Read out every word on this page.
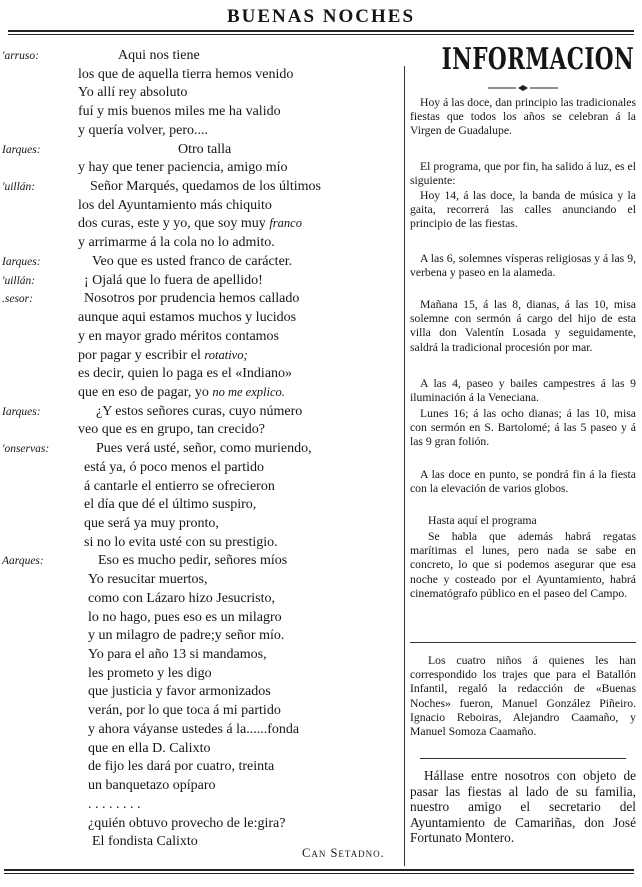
BUENAS NOCHES
'arruso:	Aqui nos tiene
los que de aquella tierra hemos venido
Yo allí rey absoluto
fuí y mis buenos miles me ha valido
y quería volver, pero....
Iarques:	Otro talla
y hay que tener paciencia, amigo mío
'uillán:	Señor Marqués, quedamos de los últimos
los del Ayuntamiento más chiquito
dos curas, este y yo, que soy muy franco
y arrimarme á la cola no lo admito.
Iarques:	Veo que es usted franco de carácter.
'uillán:	¡ Ojalá que lo fuera de apellido!
.sesor:	Nosotros por prudencia hemos callado
aunque aqui estamos muchos y lucidos
y en mayor grado méritos contamos
por pagar y escribir el rotativo;
es decir, quien lo paga es el «Indiano»
que en eso de pagar, yo no me explico.
Iarques:	¿Y estos señores curas, cuyo número
veo que es en grupo, tan crecido?
'onservas:	Pues verá usté, señor, como muriendo,
está ya, ó poco menos el partido
á cantarle el entierro se ofrecieron
el día que dé el último suspiro,
que será ya muy pronto,
si no lo evita usté con su prestigio.
Aarques:	Eso es mucho pedir, señores míos
Yo resucitar muertos,
como con Lázaro hizo Jesucristo,
lo no hago, pues eso es un milagro
y un milagro de padre;y señor mío.
Yo para el año 13 si mandamos,
les prometo y les digo
que justicia y favor armonizados
verán, por lo que toca á mi partido
y ahora váyanse ustedes á la......fonda
que en ella D. Calixto
de fijo les dará por cuatro, treinta
un banquetazo opíparo
. . . . . . . .
¿quién obtuvo provecho de le:gira?
El fondista Calixto
Can Setadno.
INFORMACION
Hoy á las doce, dan principio las tradicionales fiestas que todos los años se celebran á la Virgen de Guadalupe.
El programa, que por fin, ha salido á luz, es el siguiente:
Hoy 14, á las doce, la banda de música y la gaita, recorrerá las calles anunciando el principio de las fiestas.
A las 6, solemnes vísperas religiosas y á las 9, verbena y paseo en la alameda.
Mañana 15, á las 8, dianas, á las 10, misa solemne con sermón á cargo del hijo de esta villa don Valentín Losada y seguidamente, saldrá la tradicional procesión por mar.
A las 4, paseo y bailes campestres á las 9 iluminación á la Veneciana.
Lunes 16; á las ocho dianas; á las 10, misa con sermón en S. Bartolomé; á las 5 paseo y á las 9 gran folión.
A las doce en punto, se pondrá fin á la fiesta con la elevación de varios globos.
Hasta aquí el programa
Se habla que además habrá regatas marítimas el lunes, pero nada se sabe en concreto, lo que si podemos asegurar que esa noche y costeado por el Ayuntamiento, habrá cinematógrafo público en el paseo del Campo.
Los cuatro niños á quienes les han correspondido los trajes que para el Batallón Infantil, regaló la redacción de «Buenas Noches» fueron, Manuel González Piñeiro. Ignacio Reboiras, Alejandro Caamaño, y Manuel Somoza Caamaño.
Hállase entre nosotros con objeto de pasar las fiestas al lado de su familia, nuestro amigo el secretario del Ayuntamiento de Camariñas, don José Fortunato Montero.
